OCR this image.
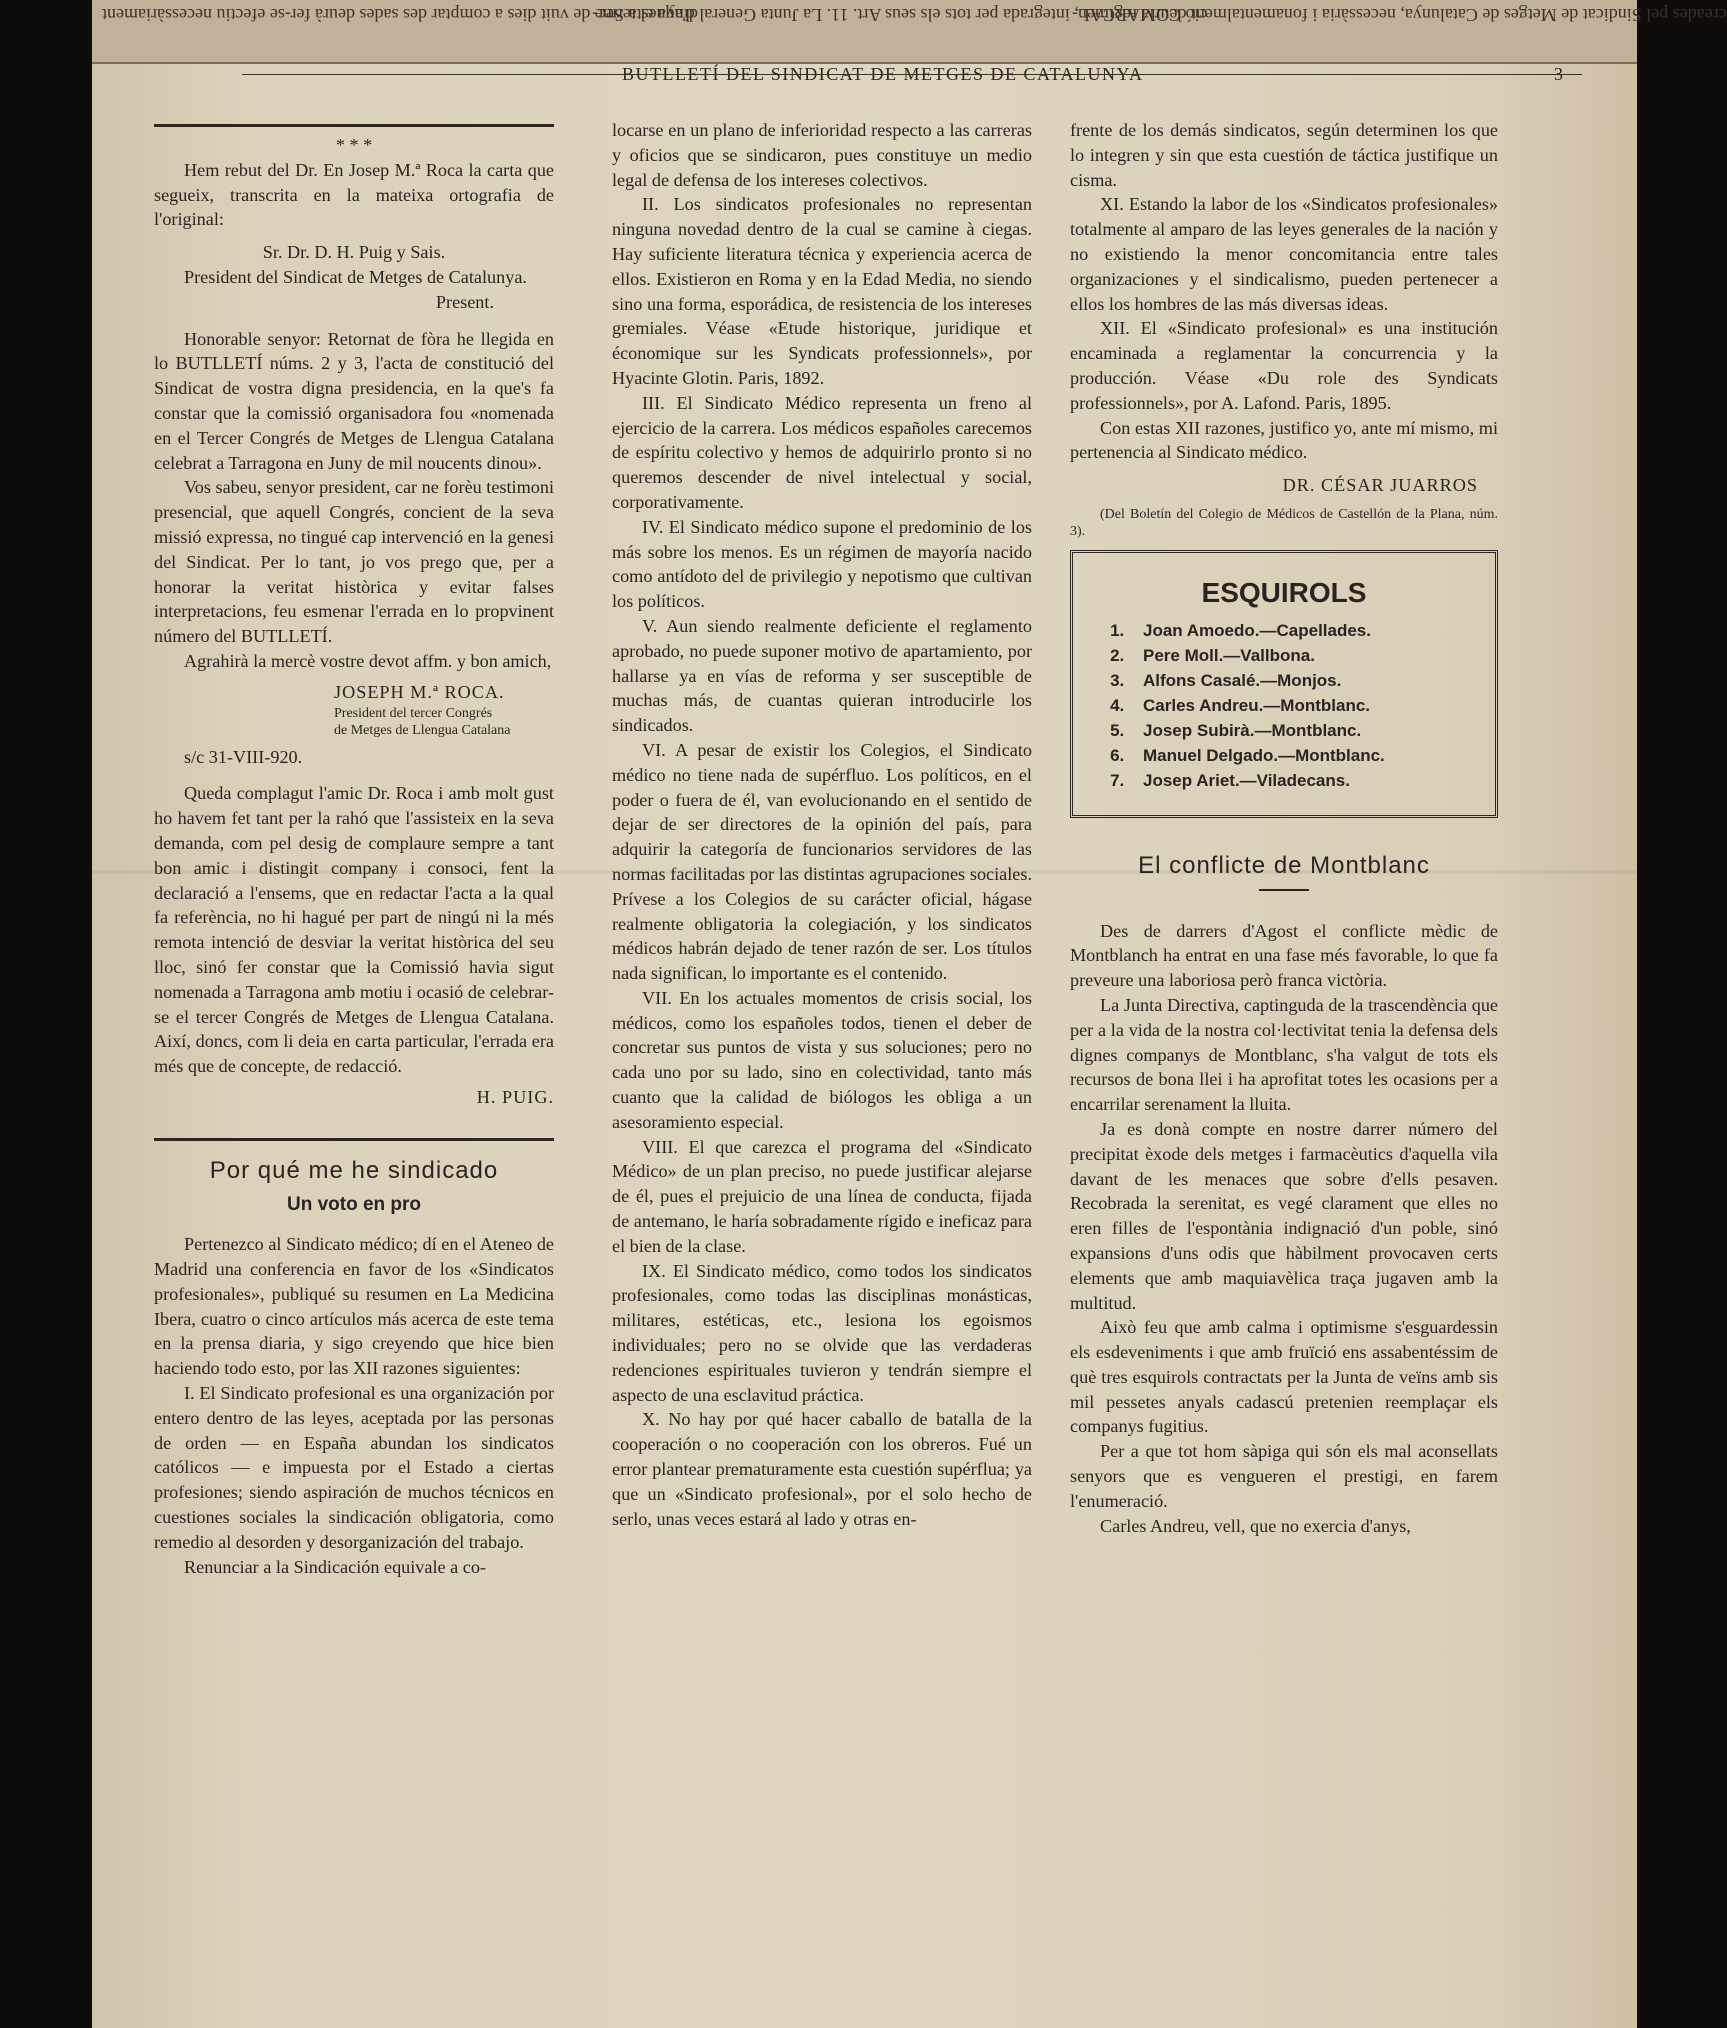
creades pel Sindicat de Metges de Catalunya, necessària i fonamentalment deuria regimen-
ció COMARCAL, integrada per tots els seus Art. 11. La Junta General d'aquesta Sec-
dinya el terme de vuit dies a comptar des sades deurà fer-se efectiu necessàriament
BUTLLETÍ DEL SINDICAT DE METGES DE CATALUNYA	3

* * *

Hem rebut del Dr. En Josep M.ª Roca la carta que segueix, transcrita en la mateixa ortografia de l'original:

Sr. Dr. D. H. Puig y Sais.

President del Sindicat de Metges de Catalunya.

Present.

Honorable senyor: Retornat de fòra he llegida en lo BUTLLETÍ núms. 2 y 3, l'acta de constitució del Sindicat de vostra digna presidencia, en la que's fa constar que la comissió organisadora fou «nomenada en el Tercer Congrés de Metges de Llengua Catalana celebrat a Tarragona en Juny de mil noucents dinou».

Vos sabeu, senyor president, car ne forèu testimoni presencial, que aquell Congrés, concient de la seva missió expressa, no tingué cap intervenció en la genesi del Sindicat. Per lo tant, jo vos prego que, per a honorar la veritat històrica y evitar falses interpretacions, feu esmenar l'errada en lo propvinent número del BUTLLETÍ.

Agrahirà la mercè vostre devot affm. y bon amich,

JOSEPH M.ª ROCA.

President del tercer Congrés

de Metges de Llengua Catalana

s/c 31-VIII-920.

Queda complagut l'amic Dr. Roca i amb molt gust ho havem fet tant per la rahó que l'assisteix en la seva demanda, com pel desig de complaure sempre a tant bon amic i distingit company i consoci, fent la declaració a l'ensems, que en redactar l'acta a la qual fa referència, no hi hagué per part de ningú ni la més remota intenció de desviar la veritat històrica del seu lloc, sinó fer constar que la Comissió havia sigut nomenada a Tarragona amb motiu i ocasió de celebrar-se el tercer Congrés de Metges de Llengua Catalana. Així, doncs, com li deia en carta particular, l'errada era més que de concepte, de redacció.

H. PUIG.

Por qué me he sindicado
Un voto en pro

Pertenezco al Sindicato médico; dí en el Ateneo de Madrid una conferencia en favor de los «Sindicatos profesionales», publiqué su resumen en La Medicina Ibera, cuatro o cinco artículos más acerca de este tema en la prensa diaria, y sigo creyendo que hice bien haciendo todo esto, por las XII razones siguientes:

I. El Sindicato profesional es una organización por entero dentro de las leyes, aceptada por las personas de orden — en España abundan los sindicatos católicos — e impuesta por el Estado a ciertas profesiones; siendo aspiración de muchos técnicos en cuestiones sociales la sindicación obligatoria, como remedio al desorden y desorganización del trabajo.

Renunciar a la Sindicación equivale a co-

locarse en un plano de inferioridad respecto a las carreras y oficios que se sindicaron, pues constituye un medio legal de defensa de los intereses colectivos.

II. Los sindicatos profesionales no representan ninguna novedad dentro de la cual se camine à ciegas. Hay suficiente literatura técnica y experiencia acerca de ellos. Existieron en Roma y en la Edad Media, no siendo sino una forma, esporádica, de resistencia de los intereses gremiales. Véase «Etude historique, juridique et économique sur les Syndicats professionnels», por Hyacinte Glotin. Paris, 1892.

III. El Sindicato Médico representa un freno al ejercicio de la carrera. Los médicos españoles carecemos de espíritu colectivo y hemos de adquirirlo pronto si no queremos descender de nivel intelectual y social, corporativamente.

IV. El Sindicato médico supone el predominio de los más sobre los menos. Es un régimen de mayoría nacido como antídoto del de privilegio y nepotismo que cultivan los políticos.

V. Aun siendo realmente deficiente el reglamento aprobado, no puede suponer motivo de apartamiento, por hallarse ya en vías de reforma y ser susceptible de muchas más, de cuantas quieran introducirle los sindicados.

VI. A pesar de existir los Colegios, el Sindicato médico no tiene nada de supérfluo. Los políticos, en el poder o fuera de él, van evolucionando en el sentido de dejar de ser directores de la opinión del país, para adquirir la categoría de funcionarios servidores de las normas facilitadas por las distintas agrupaciones sociales. Prívese a los Colegios de su carácter oficial, hágase realmente obligatoria la colegiación, y los sindicatos médicos habrán dejado de tener razón de ser. Los títulos nada significan, lo importante es el contenido.

VII. En los actuales momentos de crisis social, los médicos, como los españoles todos, tienen el deber de concretar sus puntos de vista y sus soluciones; pero no cada uno por su lado, sino en colectividad, tanto más cuanto que la calidad de biólogos les obliga a un asesoramiento especial.

VIII. El que carezca el programa del «Sindicato Médico» de un plan preciso, no puede justificar alejarse de él, pues el prejuicio de una línea de conducta, fijada de antemano, le haría sobradamente rígido e ineficaz para el bien de la clase.

IX. El Sindicato médico, como todos los sindicatos profesionales, como todas las disciplinas monásticas, militares, estéticas, etc., lesiona los egoismos individuales; pero no se olvide que las verdaderas redenciones espirituales tuvieron y tendrán siempre el aspecto de una esclavitud práctica.

X. No hay por qué hacer caballo de batalla de la cooperación o no cooperación con los obreros. Fué un error plantear prematuramente esta cuestión supérflua; ya que un «Sindicato profesional», por el solo hecho de serlo, unas veces estará al lado y otras en-

frente de los demás sindicatos, según determinen los que lo integren y sin que esta cuestión de táctica justifique un cisma.

XI. Estando la labor de los «Sindicatos profesionales» totalmente al amparo de las leyes generales de la nación y no existiendo la menor concomitancia entre tales organizaciones y el sindicalismo, pueden pertenecer a ellos los hombres de las más diversas ideas.

XII. El «Sindicato profesional» es una institución encaminada a reglamentar la concurrencia y la producción. Véase «Du role des Syndicats professionnels», por A. Lafond. Paris, 1895.

Con estas XII razones, justifico yo, ante mí mismo, mi pertenencia al Sindicato médico.

DR. CÉSAR JUARROS

(Del Boletín del Colegio de Médicos de Castellón de la Plana, núm. 3).

ESQUIROLS
1. Joan Amoedo.—Capellades.
2. Pere Moll.—Vallbona.
3. Alfons Casalé.—Monjos.
4. Carles Andreu.—Montblanc.
5. Josep Subirà.—Montblanc.
6. Manuel Delgado.—Montblanc.
7. Josep Ariet.—Viladecans.
El conflicte de Montblanc

Des de darrers d'Agost el conflicte mèdic de Montblanch ha entrat en una fase més favorable, lo que fa preveure una laboriosa però franca victòria.

La Junta Directiva, captinguda de la trascendència que per a la vida de la nostra col·lectivitat tenia la defensa dels dignes companys de Montblanc, s'ha valgut de tots els recursos de bona llei i ha aprofitat totes les ocasions per a encarrilar serenament la lluita.

Ja es donà compte en nostre darrer número del precipitat èxode dels metges i farmacèutics d'aquella vila davant de les menaces que sobre d'ells pesaven. Recobrada la serenitat, es vegé clarament que elles no eren filles de l'espontània indignació d'un poble, sinó expansions d'uns odis que hàbilment provocaven certs elements que amb maquiavèlica traça jugaven amb la multitud.

Això feu que amb calma i optimisme s'esguardessin els esdeveniments i que amb fruïció ens assabentéssim de què tres esquirols contractats per la Junta de veïns amb sis mil pessetes anyals cadascú pretenien reemplaçar els companys fugitius.

Per a que tot hom sàpiga qui són els mal aconsellats senyors que es vengueren el prestigi, en farem l'enumeració.

Carles Andreu, vell, que no exercia d'anys,
